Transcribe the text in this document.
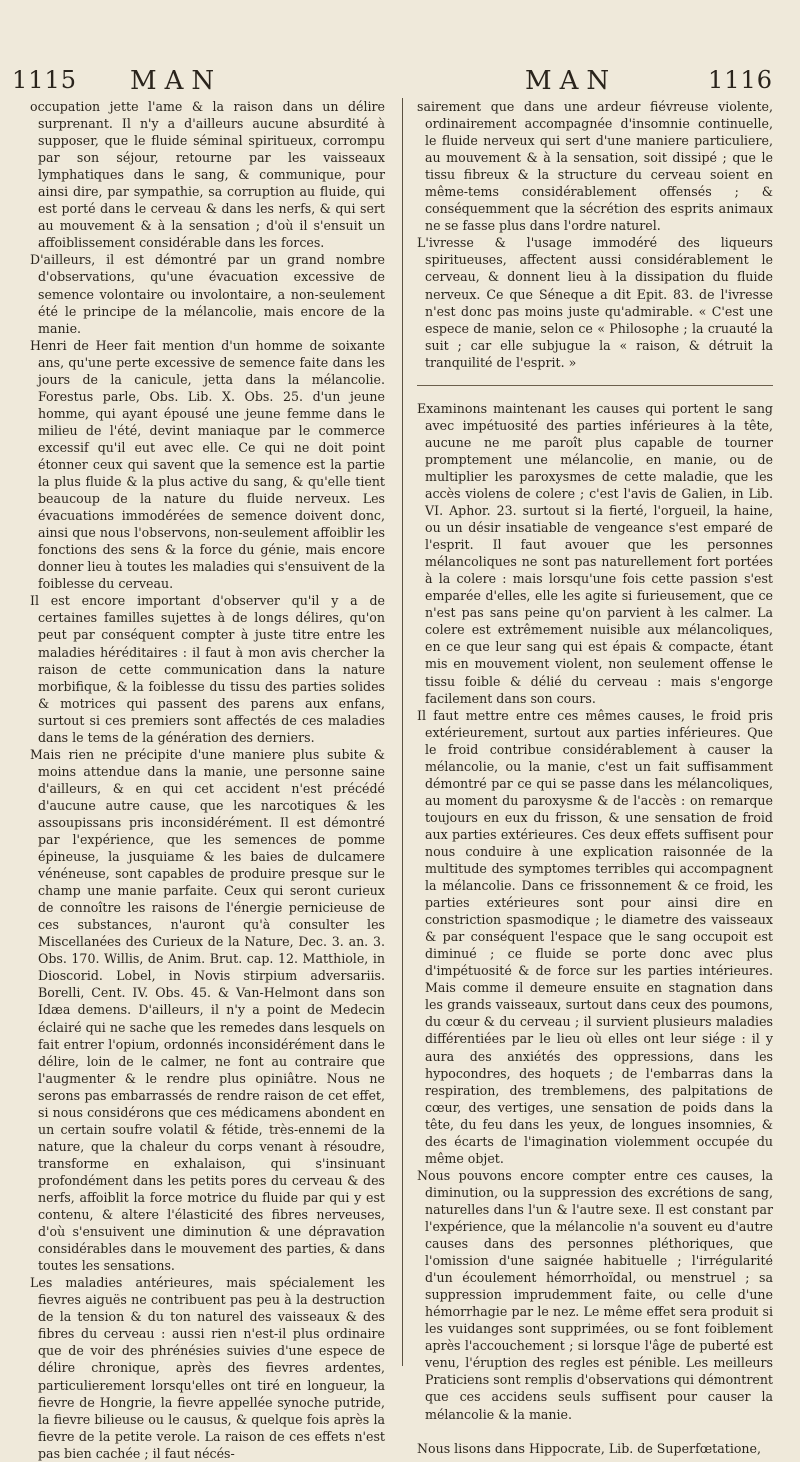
1115 MAN	MAN	1116

occupation jette l'ame & la raison dans un délire surprenant. Il n'y a d'ailleurs aucune absurdité à supposer, que le fluide séminal spiritueux, corrompu par son séjour, retourne par les vaisseaux lymphatiques dans le sang, & communique, pour ainsi dire, par sympathie, sa corruption au fluide, qui est porté dans le cerveau & dans les nerfs, & qui sert au mouvement & à la sensation ; d'où il s'ensuit un affoiblissement considérable dans les forces.

D'ailleurs, il est démontré par un grand nombre d'observations, qu'une évacuation excessive de semence volontaire ou involontaire, a non-seulement été le principe de la mélancolie, mais encore de la manie.

Henri de Heer fait mention d'un homme de soixante ans, qu'une perte excessive de semence faite dans les jours de la canicule, jetta dans la mélancolie. Forestus parle, Obs. Lib. X. Obs. 25. d'un jeune homme, qui ayant épousé une jeune femme dans le milieu de l'été, devint maniaque par le commerce excessif qu'il eut avec elle. Ce qui ne doit point étonner ceux qui savent que la semence est la partie la plus fluide & la plus active du sang, & qu'elle tient beaucoup de la nature du fluide nerveux. Les évacuations immodérées de semence doivent donc, ainsi que nous l'observons, non-seulement affoiblir les fonctions des sens & la force du génie, mais encore donner lieu à toutes les maladies qui s'ensuivent de la foiblesse du cerveau.

Il est encore important d'observer qu'il y a de certaines familles sujettes à de longs délires, qu'on peut par conséquent compter à juste titre entre les maladies héréditaires : il faut à mon avis chercher la raison de cette communication dans la nature morbifique, & la foiblesse du tissu des parties solides & motrices qui passent des parens aux enfans, surtout si ces premiers sont affectés de ces maladies dans le tems de la génération des derniers.

Mais rien ne précipite d'une maniere plus subite & moins attendue dans la manie, une personne saine d'ailleurs, & en qui cet accident n'est précédé d'aucune autre cause, que les narcotiques & les assoupissans pris inconsidérément. Il est démontré par l'expérience, que les semences de pomme épineuse, la jusquiame & les baies de dulcamere vénéneuse, sont capables de produire presque sur le champ une manie parfaite. Ceux qui seront curieux de connoître les raisons de l'énergie pernicieuse de ces substances, n'auront qu'à consulter les Miscellanées des Curieux de la Nature, Dec. 3. an. 3. Obs. 170. Willis, de Anim. Brut. cap. 12. Matthiole, in Dioscorid. Lobel, in Novis stirpium adversariis. Borelli, Cent. IV. Obs. 45. & Van-Helmont dans son Idæa demens. D'ailleurs, il n'y a point de Medecin éclairé qui ne sache que les remedes dans lesquels on fait entrer l'opium, ordonnés inconsidérément dans le délire, loin de le calmer, ne font au contraire que l'augmenter & le rendre plus opiniâtre. Nous ne serons pas embarrassés de rendre raison de cet effet, si nous considérons que ces médicamens abondent en un certain soufre volatil & fétide, très-ennemi de la nature, que la chaleur du corps venant à résoudre, transforme en exhalaison, qui s'insinuant profondément dans les petits pores du cerveau & des nerfs, affoiblit la force motrice du fluide par qui y est contenu, & altere l'élasticité des fibres nerveuses, d'où s'ensuivent une diminution & une dépravation considérables dans le mouvement des parties, & dans toutes les sensations.

Les maladies antérieures, mais spécialement les fievres aiguës ne contribuent pas peu à la destruction de la tension & du ton naturel des vaisseaux & des fibres du cerveau : aussi rien n'est-il plus ordinaire que de voir des phrénésies suivies d'une espece de délire chronique, après des fievres ardentes, particulierement lorsqu'elles ont tiré en longueur, la fievre de Hongrie, la fievre appellée synoche putride, la fievre bilieuse ou le causus, & quelque fois après la fievre de la petite verole. La raison de ces effets n'est pas bien cachée ; il faut nécés-

sairement que dans une ardeur fiévreuse violente, ordinairement accompagnée d'insomnie continuelle, le fluide nerveux qui sert d'une maniere particuliere, au mouvement & à la sensation, soit dissipé ; que le tissu fibreux & la structure du cerveau soient en même-tems considérablement offensés ; & conséquemment que la sécrétion des esprits animaux ne se fasse plus dans l'ordre naturel.

L'ivresse & l'usage immodéré des liqueurs spiritueuses, affectent aussi considérablement le cerveau, & donnent lieu à la dissipation du fluide nerveux. Ce que Séneque a dit Epit. 83. de l'ivresse n'est donc pas moins juste qu'admirable. « C'est une espece de manie, selon ce « Philosophe ; la cruauté la suit ; car elle subjugue la « raison, & détruit la tranquilité de l'esprit. »

Examinons maintenant les causes qui portent le sang avec impétuosité des parties inférieures à la tête, aucune ne me paroît plus capable de tourner promptement une mélancolie, en manie, ou de multiplier les paroxysmes de cette maladie, que les accès violens de colere ; c'est l'avis de Galien, in Lib. VI. Aphor. 23. surtout si la fierté, l'orgueil, la haine, ou un désir insatiable de vengeance s'est emparé de l'esprit. Il faut avouer que les personnes mélancoliques ne sont pas naturellement fort portées à la colere : mais lorsqu'une fois cette passion s'est emparée d'elles, elle les agite si furieusement, que ce n'est pas sans peine qu'on parvient à les calmer. La colere est extrêmement nuisible aux mélancoliques, en ce que leur sang qui est épais & compacte, étant mis en mouvement violent, non seulement offense le tissu foible & délié du cerveau : mais s'engorge facilement dans son cours.

Il faut mettre entre ces mêmes causes, le froid pris extérieurement, surtout aux parties inférieures. Que le froid contribue considérablement à causer la mélancolie, ou la manie, c'est un fait suffisamment démontré par ce qui se passe dans les mélancoliques, au moment du paroxysme & de l'accès : on remarque toujours en eux du frisson, & une sensation de froid aux parties extérieures. Ces deux effets suffisent pour nous conduire à une explication raisonnée de la multitude des symptomes terribles qui accompagnent la mélancolie. Dans ce frissonnement & ce froid, les parties extérieures sont pour ainsi dire en constriction spasmodique ; le diametre des vaisseaux & par conséquent l'espace que le sang occupoit est diminué ; ce fluide se porte donc avec plus d'impétuosité & de force sur les parties intérieures. Mais comme il demeure ensuite en stagnation dans les grands vaisseaux, surtout dans ceux des poumons, du cœur & du cerveau ; il survient plusieurs maladies différentiées par le lieu où elles ont leur siége : il y aura des anxiétés des oppressions, dans les hypocondres, des hoquets ; de l'embarras dans la respiration, des tremblemens, des palpitations de cœur, des vertiges, une sensation de poids dans la tête, du feu dans les yeux, de longues insomnies, & des écarts de l'imagination violemment occupée du même objet.

Nous pouvons encore compter entre ces causes, la diminution, ou la suppression des excrétions de sang, naturelles dans l'un & l'autre sexe. Il est constant par l'expérience, que la mélancolie n'a souvent eu d'autre causes dans des personnes pléthoriques, que l'omission d'une saignée habituelle ; l'irrégularité d'un écoulement hémorrhoïdal, ou menstruel ; sa suppression imprudemment faite, ou celle d'une hémorrhagie par le nez. Le même effet sera produit si les vuidanges sont supprimées, ou se font foiblement après l'accouchement ; si lorsque l'âge de puberté est venu, l'éruption des regles est pénible. Les meilleurs Praticiens sont remplis d'observations qui démontrent que ces accidens seuls suffisent pour causer la mélancolie & la manie.

Nous lisons dans Hippocrate, Lib. de Superfœtatione,
